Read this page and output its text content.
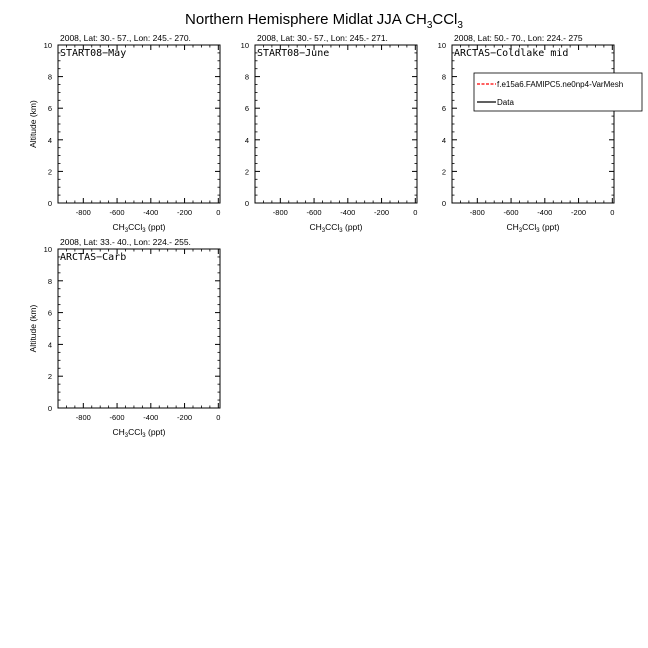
Northern Hemisphere Midlat JJA $CH_3CCl_3$
2008, Lat: 30.- 57., Lon: 245.- 270.
START08−May
-800 -600 -400 -200	0
0
2
4
6
8
10
$CH_3CCl_3$ (ppt)
Altitude (km)
2008, Lat: 30.- 57., Lon: 245.- 271.
START08−June
-800 -600 -400 -200	0
0
2
4
6
8
10
$CH_3CCl_3$ (ppt)
2008, Lat: 50.- 70., Lon: 224.- 275
ARCTAS−Coldlake mid
-800 -600 -400 -200	0
0
2
4
6
8
10
$CH_3CCl_3$ (ppt)
f.e15a6.FAMIPC5.ne0np4-VarMesh
Data
2008, Lat: 33.- 40., Lon: 224.- 255.
ARCTAS−Carb
-800 -600 -400 -200	0
0
2
4
6
8
10
$CH_3CCl_3$ (ppt)
Altitude (km)
